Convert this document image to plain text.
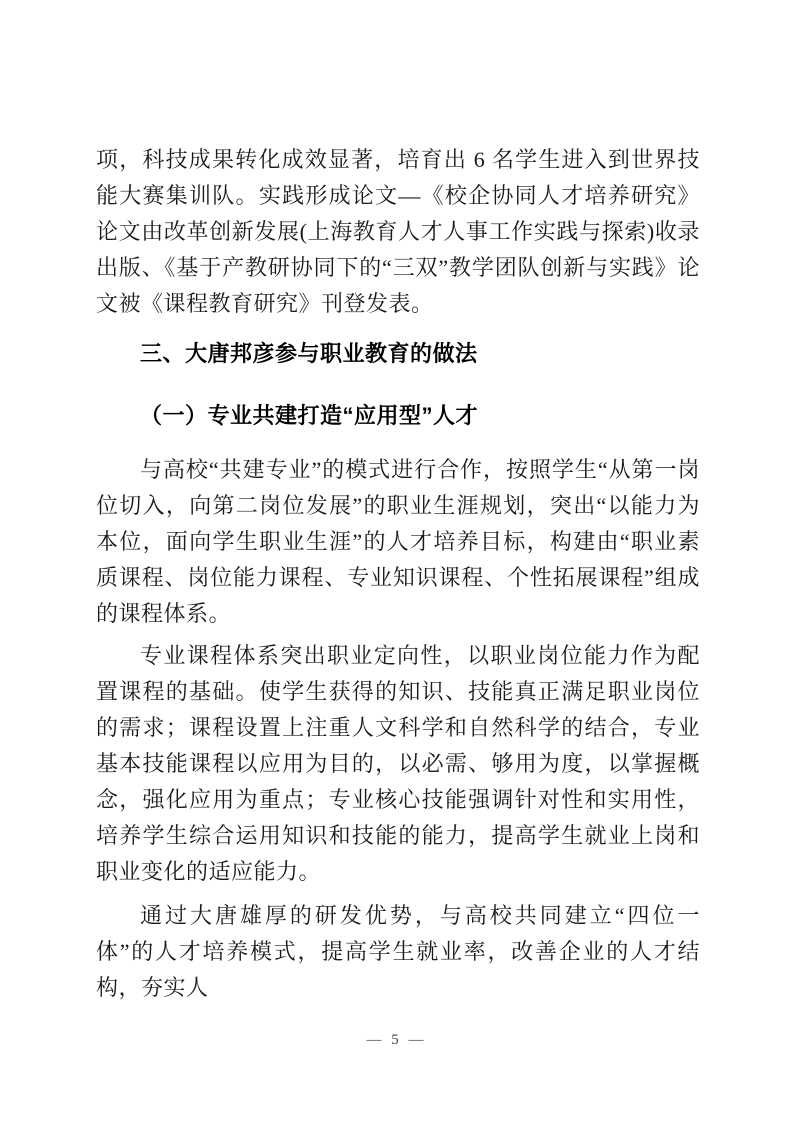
项，科技成果转化成效显著，培育出 6 名学生进入到世界技能大赛集训队。实践形成论文—《校企协同人才培养研究》论文由改革创新发展(上海教育人才人事工作实践与探索)收录出版、《基于产教研协同下的“三双”教学团队创新与实践》论文被《课程教育研究》刊登发表。

三、大唐邦彦参与职业教育的做法
（一）专业共建打造“应用型”人才

与高校“共建专业”的模式进行合作，按照学生“从第一岗位切入，向第二岗位发展”的职业生涯规划，突出“以能力为本位，面向学生职业生涯”的人才培养目标，构建由“职业素质课程、岗位能力课程、专业知识课程、个性拓展课程”组成的课程体系。

专业课程体系突出职业定向性，以职业岗位能力作为配置课程的基础。使学生获得的知识、技能真正满足职业岗位的需求；课程设置上注重人文科学和自然科学的结合，专业基本技能课程以应用为目的，以必需、够用为度，以掌握概念，强化应用为重点；专业核心技能强调针对性和实用性，培养学生综合运用知识和技能的能力，提高学生就业上岗和职业变化的适应能力。

通过大唐雄厚的研发优势，与高校共同建立“四位一体”的人才培养模式，提高学生就业率，改善企业的人才结构，夯实人

— 5 —
